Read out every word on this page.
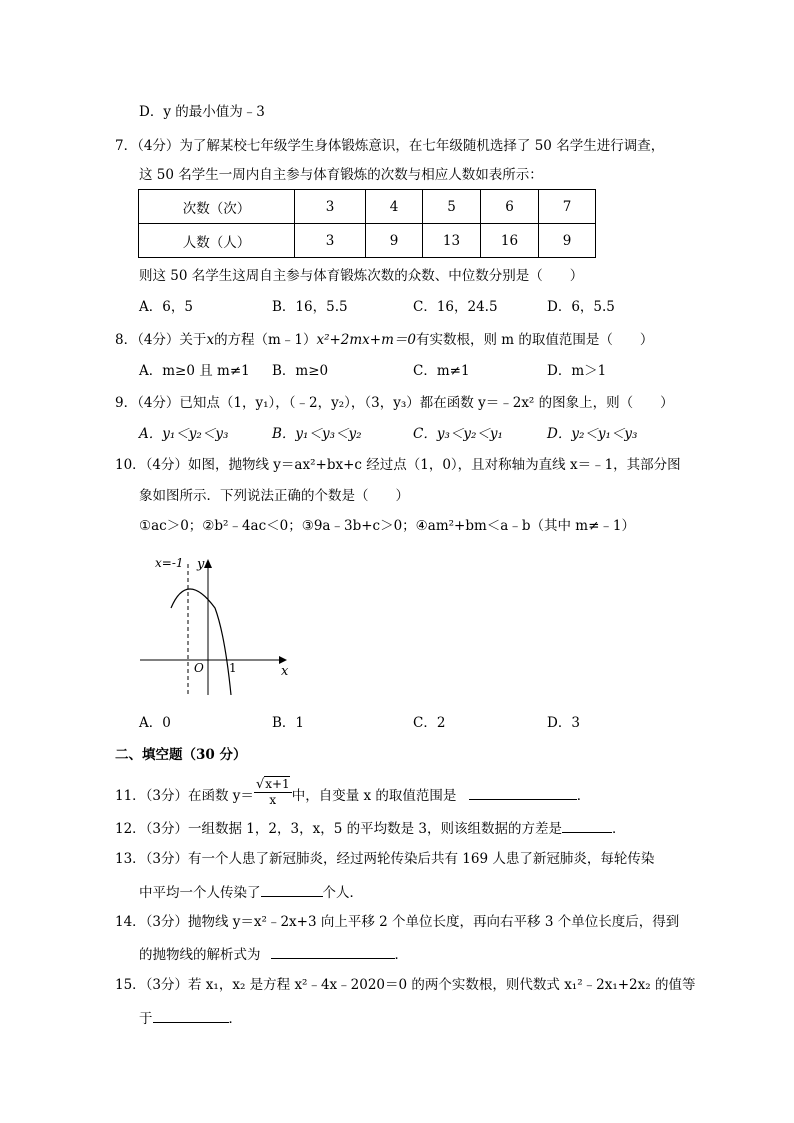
D．y 的最小值为﹣3
7．（4分）为了解某校七年级学生身体锻炼意识，在七年级随机选择了 50 名学生进行调查，
这 50 名学生一周内自主参与体育锻炼的次数与相应人数如表所示：
次数（次）	3	4	5	6	7
人数（人）	3	9	13	16	9
则这 50 名学生这周自主参与体育锻炼次数的众数、中位数分别是（　　）
A．6，5	B．16，5.5	C．16，24.5	D．6，5.5
8．（4分）关于x的方程（m﹣1）x²+2mx+m＝0有实数根，则 m 的取值范围是（　　）
A．m≥0 且 m≠1 B．m≥0	C．m≠1	D．m＞1
9．（4分）已知点（1，y₁），（﹣2，y₂），（3，y₃）都在函数 y＝﹣2x² 的图象上，则（　　）
A．y₁＜y₂＜y₃	B．y₁＜y₃＜y₂	C．y₃＜y₂＜y₁	D．y₂＜y₁＜y₃
10．（4分）如图，抛物线 y＝ax²+bx+c 经过点（1，0），且对称轴为直线 x＝﹣1，其部分图
象如图所示．下列说法正确的个数是（　　）
①ac＞0；②b²﹣4ac＜0；③9a﹣3b+c＞0；④am²+bm＜a﹣b（其中 m≠﹣1）
x=-1 y
x
O 1
A．0	B．1	C．2	D．3
二、填空题（30 分）
11．（3分）在函数 $y= \frac{√x+1}{x}$ 中，自变量 x 的取值范围是	．
12．（3分）一组数据 1，2，3，x，5 的平均数是 3，则该组数据的方差是	．
13．（3分）有一个人患了新冠肺炎，经过两轮传染后共有 169 人患了新冠肺炎，每轮传染
中平均一个人传染了	个人．
14．（3分）抛物线 y＝x²﹣2x+3 向上平移 2 个单位长度，再向右平移 3 个单位长度后，得到
的抛物线的解析式为	．
15．（3分）若 x₁，x₂ 是方程 x²﹣4x﹣2020＝0 的两个实数根，则代数式 x₁²﹣2x₁+2x₂ 的值等
于	．
